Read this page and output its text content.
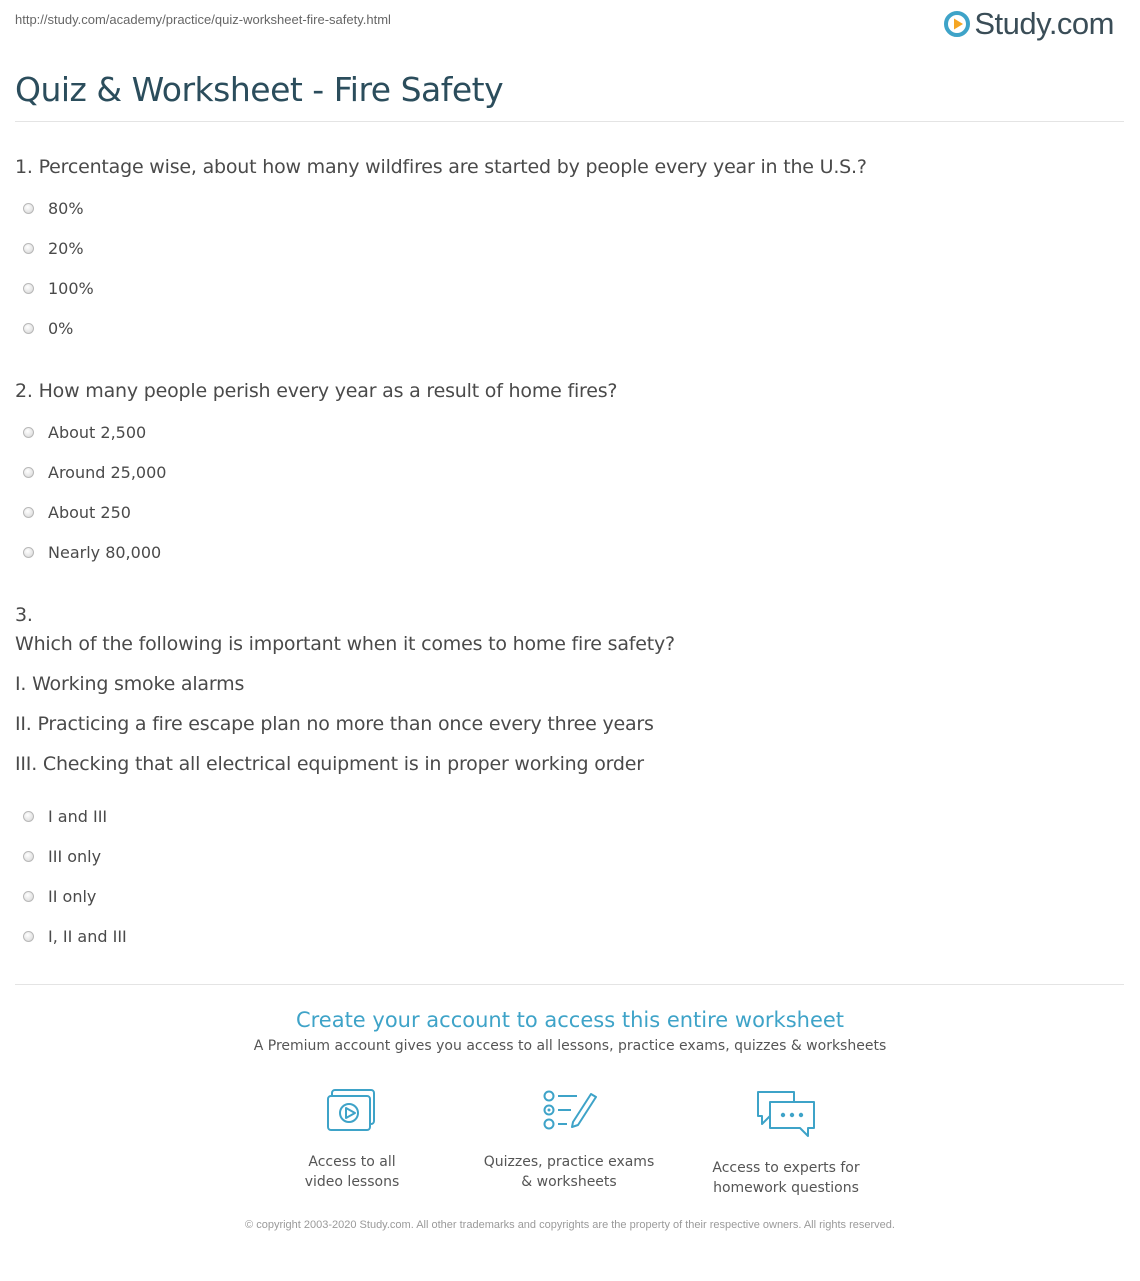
http://study.com/academy/practice/quiz-worksheet-fire-safety.html	Study.com
Quiz & Worksheet - Fire Safety
1. Percentage wise, about how many wildfires are started by people every year in the U.S.?
80%
20%
100%
0%
2. How many people perish every year as a result of home fires?
About 2,500
Around 25,000
About 250
Nearly 80,000
3.
Which of the following is important when it comes to home fire safety?
I. Working smoke alarms
II. Practicing a fire escape plan no more than once every three years
III. Checking that all electrical equipment is in proper working order
I and III
III only
II only
I, II and III
Create your account to access this entire worksheet
A Premium account gives you access to all lessons, practice exams, quizzes & worksheets
Access to all
video lessons
Quizzes, practice exams
& worksheets
Access to experts for
homework questions
© copyright 2003-2020 Study.com. All other trademarks and copyrights are the property of their respective owners. All rights reserved.
